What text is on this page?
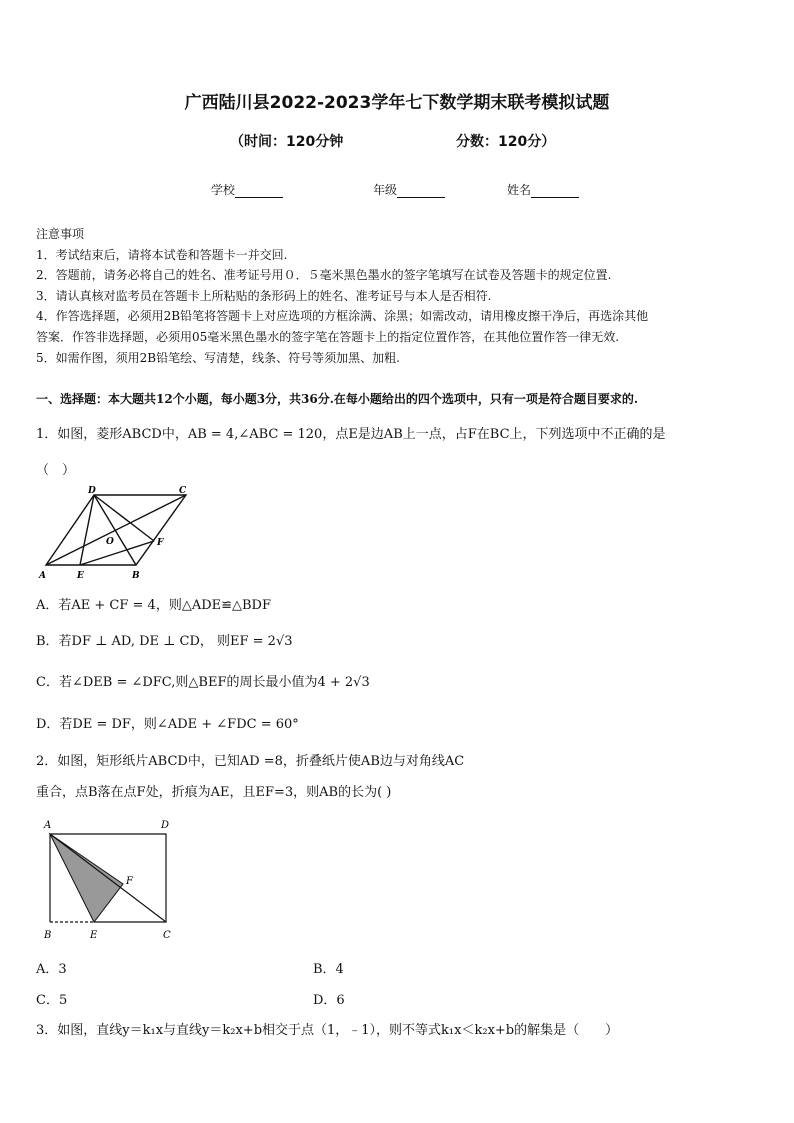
广西陆川县2022-2023学年七下数学期末联考模拟试题
（时间：120分钟	分数：120分）
学校	年级	姓名
注意事项
1．考试结束后，请将本试卷和答题卡一并交回.
2．答题前，请务必将自己的姓名、准考证号用０．５毫米黑色墨水的签字笔填写在试卷及答题卡的规定位置.
3．请认真核对监考员在答题卡上所粘贴的条形码上的姓名、准考证号与本人是否相符.
4．作答选择题，必须用2B铅笔将答题卡上对应选项的方框涂满、涂黑；如需改动，请用橡皮擦干净后，再选涂其他
答案．作答非选择题，必须用05毫米黑色墨水的签字笔在答题卡上的指定位置作答，在其他位置作答一律无效.
5．如需作图，须用2B铅笔绘、写清楚，线条、符号等须加黑、加粗.
一、选择题：本大题共12个小题，每小题3分，共36分.在每小题给出的四个选项中，只有一项是符合题目要求的.
1．如图，菱形ABCD中，AB = 4,∠ABC = 120，点E是边AB上一点，占F在BC上，下列选项中不正确的是
（　）
D	C
A	E	B
F
O
A．若AE + CF = 4，则△ADE≌△BDF
B．若DF ⊥ AD, DE ⊥ CD， 则EF = 2√3
C．若∠DEB = ∠DFC,则△BEF的周长最小值为4 + 2√3
D．若DE = DF，则∠ADE + ∠FDC = 60°
2．如图，矩形纸片ABCD中，已知AD =8，折叠纸片使AB边与对角线AC
重合，点B落在点F处，折痕为AE，且EF=3，则AB的长为( )
A	D
B	E	C
F
A．3	B．4
C．5	D．6
3．如图，直线y＝k₁x与直线y＝k₂x+b相交于点（1，﹣1），则不等式k₁x＜k₂x+b的解集是（　　）
